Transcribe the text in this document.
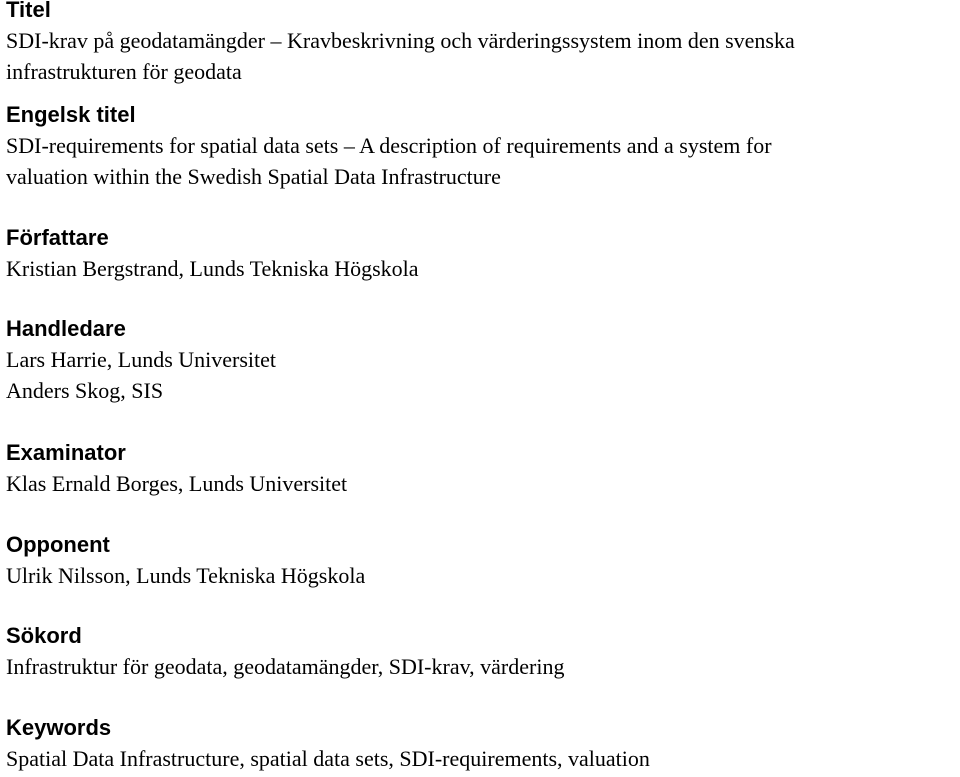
Titel

SDI-krav på geodatamängder – Kravbeskrivning och värderingssystem inom den svenska

infrastrukturen för geodata

Engelsk titel

SDI-requirements for spatial data sets – A description of requirements and a system for

valuation within the Swedish Spatial Data Infrastructure

Författare

Kristian Bergstrand, Lunds Tekniska Högskola

Handledare

Lars Harrie, Lunds Universitet

Anders Skog, SIS

Examinator

Klas Ernald Borges, Lunds Universitet

Opponent

Ulrik Nilsson, Lunds Tekniska Högskola

Sökord

Infrastruktur för geodata, geodatamängder, SDI-krav, värdering

Keywords

Spatial Data Infrastructure, spatial data sets, SDI-requirements, valuation
